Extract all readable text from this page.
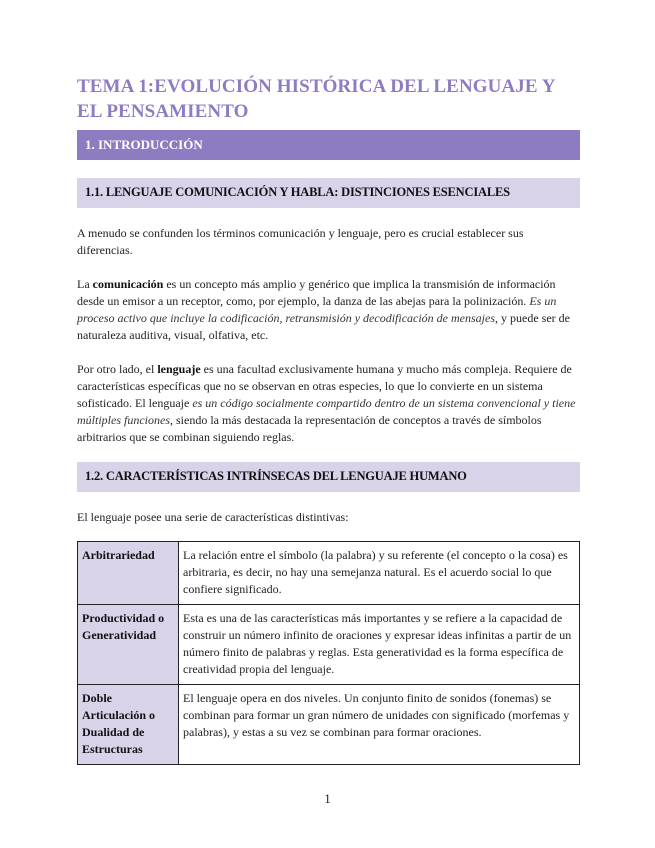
TEMA 1:EVOLUCIÓN HISTÓRICA DEL LENGUAJE Y EL PENSAMIENTO
1. INTRODUCCIÓN
1.1. LENGUAJE COMUNICACIÓN Y HABLA: DISTINCIONES ESENCIALES

A menudo se confunden los términos comunicación y lenguaje, pero es crucial establecer sus diferencias.

La comunicación es un concepto más amplio y genérico que implica la transmisión de información desde un emisor a un receptor, como, por ejemplo, la danza de las abejas para la polinización. Es un proceso activo que incluye la codificación, retransmisión y decodificación de mensajes, y puede ser de naturaleza auditiva, visual, olfativa, etc.

Por otro lado, el lenguaje es una facultad exclusivamente humana y mucho más compleja. Requiere de características específicas que no se observan en otras especies, lo que lo convierte en un sistema sofisticado. El lenguaje es un código socialmente compartido dentro de un sistema convencional y tiene múltiples funciones, siendo la más destacada la representación de conceptos a través de símbolos arbitrarios que se combinan siguiendo reglas.

1.2. CARACTERÍSTICAS INTRÍNSECAS DEL LENGUAJE HUMANO

El lenguaje posee una serie de características distintivas:

Arbitrariedad	La relación entre el símbolo (la palabra) y su referente (el concepto o la cosa) es arbitraria, es decir, no hay una semejanza natural. Es el acuerdo social lo que confiere significado.
Productividad o Generatividad	Esta es una de las características más importantes y se refiere a la capacidad de construir un número infinito de oraciones y expresar ideas infinitas a partir de un número finito de palabras y reglas. Esta generatividad es la forma específica de creatividad propia del lenguaje.
Doble Articulación o Dualidad de Estructuras	El lenguaje opera en dos niveles. Un conjunto finito de sonidos (fonemas) se combinan para formar un gran número de unidades con significado (morfemas y palabras), y estas a su vez se combinan para formar oraciones.
1
